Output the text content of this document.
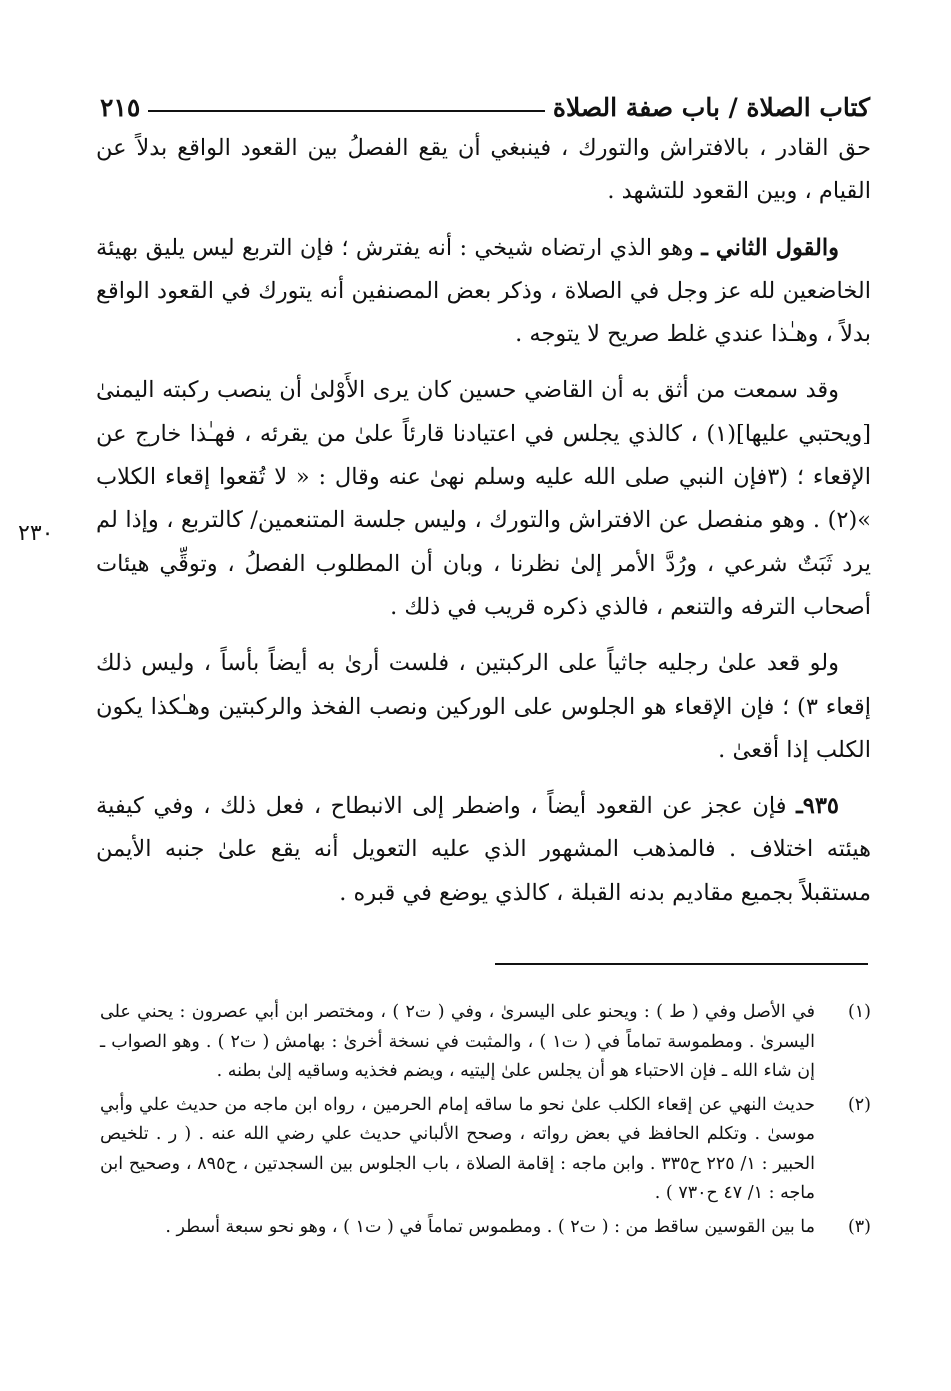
كتاب الصلاة / باب صفة الصلاة
٢١٥
٢٣٠

حق القادر ، بالافتراش والتورك ، فينبغي أن يقع الفصلُ بين القعود الواقع بدلاً عن القيام ، وبين القعود للتشهد .

والقول الثاني ـ وهو الذي ارتضاه شيخي : أنه يفترش ؛ فإن التربع ليس يليق بهيئة الخاضعين لله عز وجل في الصلاة ، وذكر بعض المصنفين أنه يتورك في القعود الواقع بدلاً ، وهـٰذا عندي غلط صريح لا يتوجه .

وقد سمعت من أثق به أن القاضي حسين كان يرى الأَوْلىٰ أن ينصب ركبته اليمنىٰ [ويحتبي عليها](١) ، كالذي يجلس في اعتيادنا قارئاً علىٰ من يقرئه ، فهـٰذا خارج عن الإقعاء ؛ (٣فإن النبي صلى الله عليه وسلم نهىٰ عنه وقال : « لا تُقعوا إقعاء الكلاب »(٢) . وهو منفصل عن الافتراش والتورك ، وليس جلسة المتنعمين/ كالتربع ، وإذا لم يرد ثَبَتٌ شرعي ، ورُدَّ الأمر إلىٰ نظرنا ، وبان أن المطلوب الفصلُ ، وتوقِّي هيئات أصحاب الترفه والتنعم ، فالذي ذكره قريب في ذلك .

ولو قعد علىٰ رجليه جاثياً على الركبتين ، فلست أرىٰ به أيضاً بأساً ، وليس ذلك إقعاء ٣) ؛ فإن الإقعاء هو الجلوس على الوركين ونصب الفخذ والركبتين وهـٰكذا يكون الكلب إذا أقعىٰ .

٩٣٥ـ فإن عجز عن القعود أيضاً ، واضطر إلى الانبطاح ، فعل ذلك ، وفي كيفية هيئته اختلاف . فالمذهب المشهور الذي عليه التعويل أنه يقع علىٰ جنبه الأيمن مستقبلاً بجميع مقاديم بدنه القبلة ، كالذي يوضع في قبره .

(١)
في الأصل وفي ( ط ) : ويحنو على اليسرىٰ ، وفي ( ت٢ ) ، ومختصر ابن أبي عصرون : يحني على اليسرىٰ . ومطموسة تماماً في ( ت١ ) ، والمثبت في نسخة أخرىٰ : بهامش ( ت٢ ) . وهو الصواب ـ إن شاء الله ـ فإن الاحتباء هو أن يجلس علىٰ إليتيه ، ويضم فخذيه وساقيه إلىٰ بطنه .
(٢)
حديث النهي عن إقعاء الكلب علىٰ نحو ما ساقه إمام الحرمين ، رواه ابن ماجه من حديث علي وأبي موسىٰ . وتكلم الحافظ في بعض رواته ، وصحح الألباني حديث علي رضي الله عنه . ( ر . تلخيص الحبير : ١/ ٢٢٥ ح٣٣٥ . وابن ماجه : إقامة الصلاة ، باب الجلوس بين السجدتين ، ح٨٩٥ ، وصحيح ابن ماجه : ١/ ٤٧ ح٧٣٠ ) .
(٣)
ما بين القوسين ساقط من : ( ت٢ ) . ومطموس تماماً في ( ت١ ) ، وهو نحو سبعة أسطر .
